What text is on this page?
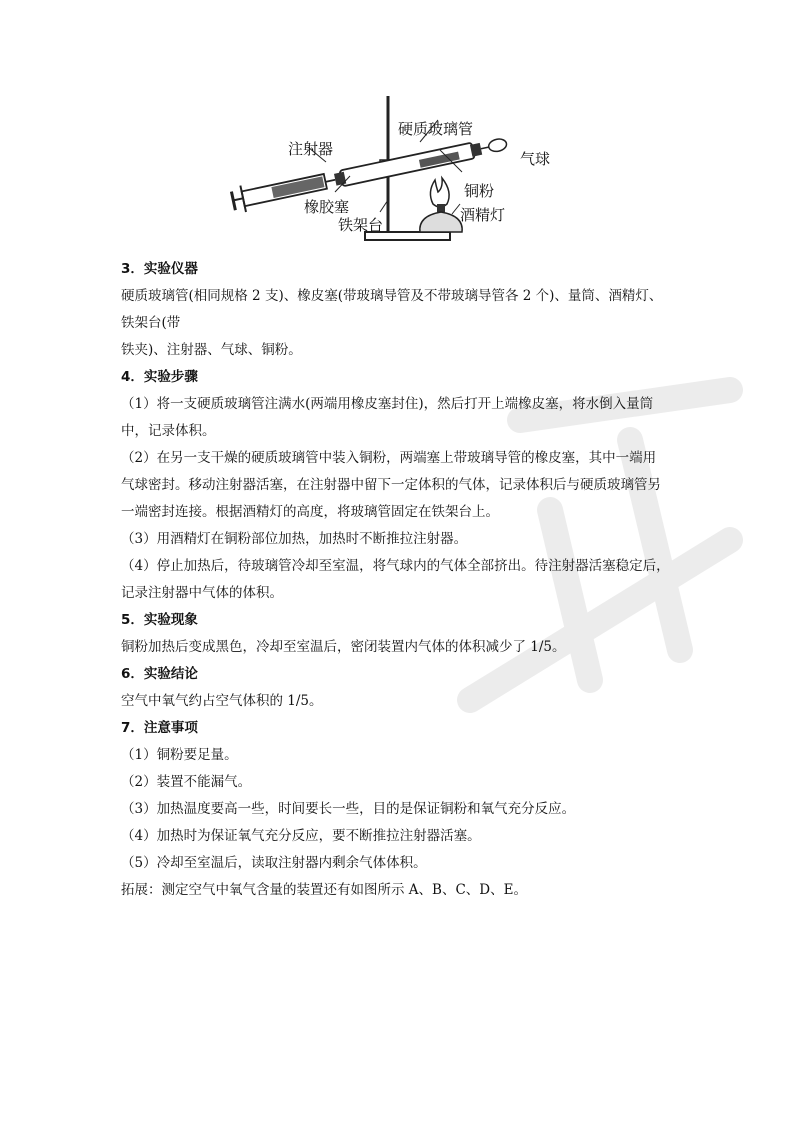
硬质玻璃管
注射器
气球
铜粉
橡胶塞	酒精灯
铁架台
3．实验仪器
硬质玻璃管(相同规格 2 支)、橡皮塞(带玻璃导管及不带玻璃导管各 2 个)、量筒、酒精灯、
铁架台(带
铁夹)、注射器、气球、铜粉。
4．实验步骤
（1）将一支硬质玻璃管注满水(两端用橡皮塞封住)，然后打开上端橡皮塞，将水倒入量筒
中，记录体积。
（2）在另一支干燥的硬质玻璃管中装入铜粉，两端塞上带玻璃导管的橡皮塞，其中一端用
气球密封。移动注射器活塞，在注射器中留下一定体积的气体，记录体积后与硬质玻璃管另
一端密封连接。根据酒精灯的高度，将玻璃管固定在铁架台上。
（3）用酒精灯在铜粉部位加热，加热时不断推拉注射器。
（4）停止加热后，待玻璃管冷却至室温，将气球内的气体全部挤出。待注射器活塞稳定后，
记录注射器中气体的体积。
5．实验现象
铜粉加热后变成黑色，冷却至室温后，密闭装置内气体的体积减少了 1/5。
6．实验结论
空气中氧气约占空气体积的 1/5。
7．注意事项
（1）铜粉要足量。
（2）装置不能漏气。
（3）加热温度要高一些，时间要长一些，目的是保证铜粉和氧气充分反应。
（4）加热时为保证氧气充分反应，要不断推拉注射器活塞。
（5）冷却至室温后，读取注射器内剩余气体体积。
拓展：测定空气中氧气含量的装置还有如图所示 A、B、C、D、E。
